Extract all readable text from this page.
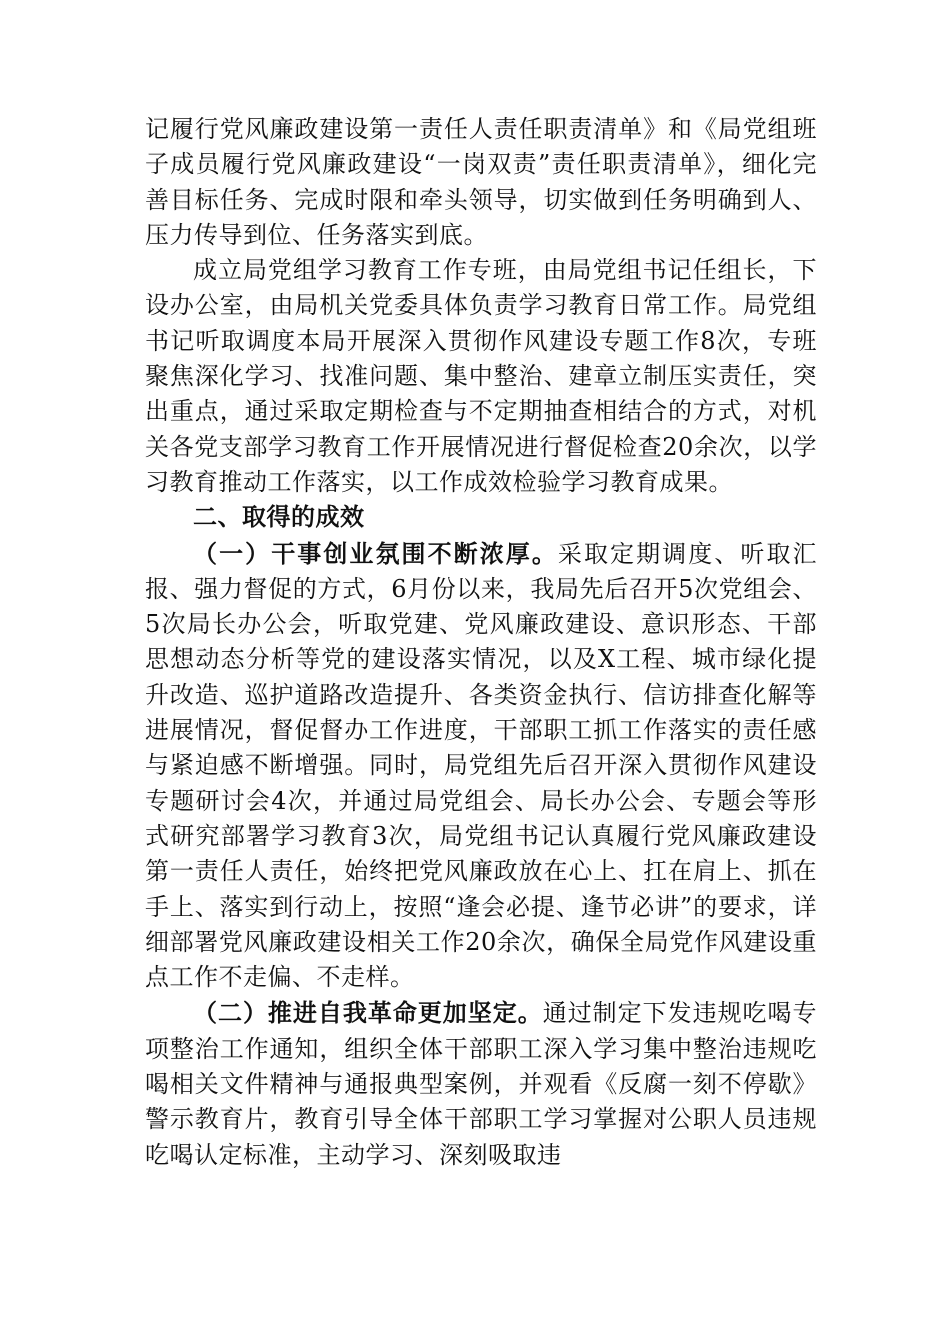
记履行党风廉政建设第一责任人责任职责清单》和《局党组班子成员履行党风廉政建设“一岗双责”责任职责清单》，细化完善目标任务、完成时限和牵头领导，切实做到任务明确到人、压力传导到位、任务落实到底。

成立局党组学习教育工作专班，由局党组书记任组长，下设办公室，由局机关党委具体负责学习教育日常工作。局党组书记听取调度本局开展深入贯彻作风建设专题工作8次，专班聚焦深化学习、找准问题、集中整治、建章立制压实责任，突出重点，通过采取定期检查与不定期抽查相结合的方式，对机关各党支部学习教育工作开展情况进行督促检查20余次，以学习教育推动工作落实，以工作成效检验学习教育成果。

二、取得的成效

（一）干事创业氛围不断浓厚。采取定期调度、听取汇报、强力督促的方式，6月份以来，我局先后召开5次党组会、5次局长办公会，听取党建、党风廉政建设、意识形态、干部思想动态分析等党的建设落实情况，以及X工程、城市绿化提升改造、巡护道路改造提升、各类资金执行、信访排查化解等进展情况，督促督办工作进度，干部职工抓工作落实的责任感与紧迫感不断增强。同时，局党组先后召开深入贯彻作风建设专题研讨会4次，并通过局党组会、局长办公会、专题会等形式研究部署学习教育3次，局党组书记认真履行党风廉政建设第一责任人责任，始终把党风廉政放在心上、扛在肩上、抓在手上、落实到行动上，按照“逢会必提、逢节必讲”的要求，详细部署党风廉政建设相关工作20余次，确保全局党作风建设重点工作不走偏、不走样。

（二）推进自我革命更加坚定。通过制定下发违规吃喝专项整治工作通知，组织全体干部职工深入学习集中整治违规吃喝相关文件精神与通报典型案例，并观看《反腐一刻不停歇》警示教育片，教育引导全体干部职工学习掌握对公职人员违规吃喝认定标准，主动学习、深刻吸取违
